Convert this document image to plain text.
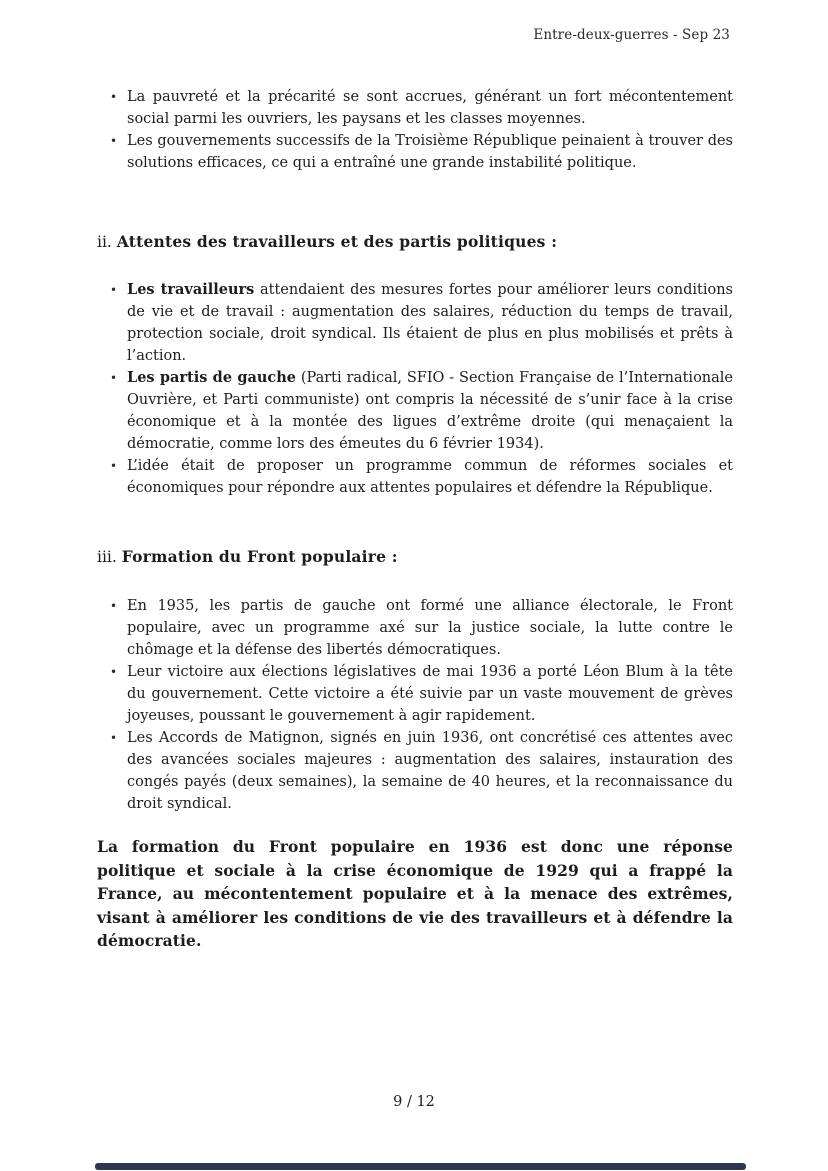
Entre-deux-guerres - Sep 23
• La pauvreté et la précarité se sont accrues, générant un fort mécontentement social parmi les ouvriers, les paysans et les classes moyennes.
• Les gouvernements successifs de la Troisième République peinaient à trouver des solutions efficaces, ce qui a entraîné une grande instabilité politique.
ii. Attentes des travailleurs et des partis politiques :
• Les travailleurs attendaient des mesures fortes pour améliorer leurs conditions de vie et de travail : augmentation des salaires, réduction du temps de travail, protection sociale, droit syndical. Ils étaient de plus en plus mobilisés et prêts à l’action.
• Les partis de gauche (Parti radical, SFIO - Section Française de l’Internationale Ouvrière, et Parti communiste) ont compris la nécessité de s’unir face à la crise économique et à la montée des ligues d’extrême droite (qui menaçaient la démocratie, comme lors des émeutes du 6 février 1934).
• L’idée était de proposer un programme commun de réformes sociales et économiques pour répondre aux attentes populaires et défendre la République.
iii. Formation du Front populaire :
• En 1935, les partis de gauche ont formé une alliance électorale, le Front populaire, avec un programme axé sur la justice sociale, la lutte contre le chômage et la défense des libertés démocratiques.
• Leur victoire aux élections législatives de mai 1936 a porté Léon Blum à la tête du gouvernement. Cette victoire a été suivie par un vaste mouvement de grèves joyeuses, poussant le gouvernement à agir rapidement.
• Les Accords de Matignon, signés en juin 1936, ont concrétisé ces attentes avec des avancées sociales majeures : augmentation des salaires, instauration des congés payés (deux semaines), la semaine de 40 heures, et la reconnaissance du droit syndical.

La formation du Front populaire en 1936 est donc une réponse politique et sociale à la crise économique de 1929 qui a frappé la France, au mécontentement populaire et à la menace des extrêmes, visant à améliorer les conditions de vie des travailleurs et à défendre la démocratie.

9 / 12
